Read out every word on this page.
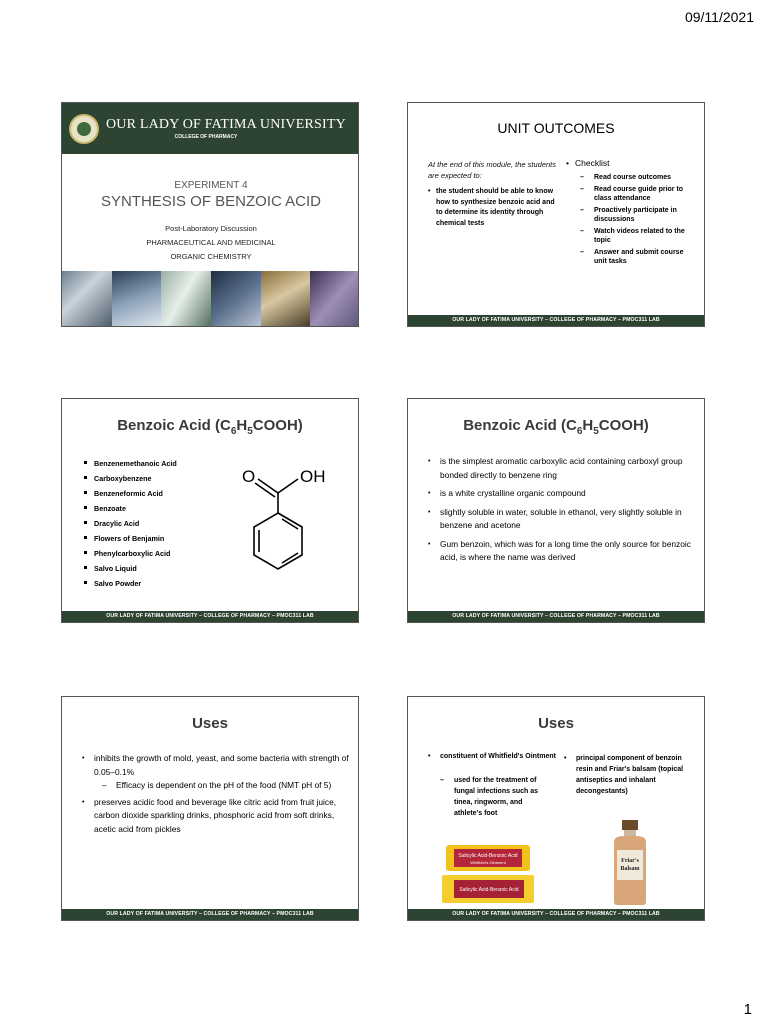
09/11/2021
OUR LADY OF FATIMA UNIVERSITY
COLLEGE OF PHARMACY
EXPERIMENT 4
SYNTHESIS OF BENZOIC ACID
Post-Laboratory Discussion
PHARMACEUTICAL AND MEDICINAL
ORGANIC CHEMISTRY
UNIT OUTCOMES
At the end of this module, the students are expected to:
• the student should be able to know how to synthesize benzoic acid and to determine its identity through chemical tests
• Checklist
– Read course outcomes
– Read course guide prior to class attendance
– Proactively participate in discussions
– Watch videos related to the topic
– Answer and submit course unit tasks
OUR LADY OF FATIMA UNIVERSITY – COLLEGE OF PHARMACY – PMOC311 LAB
Benzoic Acid $(C_6H_5COOH)$
Benzenemethanoic Acid
Carboxybenzene
Benzeneformic Acid
Benzoate
Dracylic Acid
Flowers of Benjamin
Phenylcarboxylic Acid
Salvo Liquid
Salvo Powder
O	OH
OUR LADY OF FATIMA UNIVERSITY – COLLEGE OF PHARMACY – PMOC311 LAB
Benzoic Acid $(C_6H_5COOH)$
• is the simplest aromatic carboxylic acid containing carboxyl group bonded directly to benzene ring
• is a white crystalline organic compound
• slightly soluble in water, soluble in ethanol, very slightly soluble in benzene and acetone
• Gum benzoin, which was for a long time the only source for benzoic acid, is where the name was derived
OUR LADY OF FATIMA UNIVERSITY – COLLEGE OF PHARMACY – PMOC311 LAB
Uses
• inhibits the growth of mold, yeast, and some bacteria with strength of 0.05–0.1%
– Efficacy is dependent on the pH of the food (NMT pH of 5)
• preserves acidic food and beverage like citric acid from fruit juice, carbon dioxide sparkling drinks, phosphoric acid from soft drinks, acetic acid from pickles
OUR LADY OF FATIMA UNIVERSITY – COLLEGE OF PHARMACY – PMOC311 LAB
Uses
• constituent of Whitfield's Ointment
– used for the treatment of fungal infections such as tinea, ringworm, and athlete's foot
• principal component of benzoin resin and Friar's balsam (topical antiseptics and inhalant decongestants)
Salicylic Acid-Benzoic Acid
Whitfield's Ointment
Salicylic Acid-Benzoic Acid
Friar's
Balsam
OUR LADY OF FATIMA UNIVERSITY – COLLEGE OF PHARMACY – PMOC311 LAB
1
